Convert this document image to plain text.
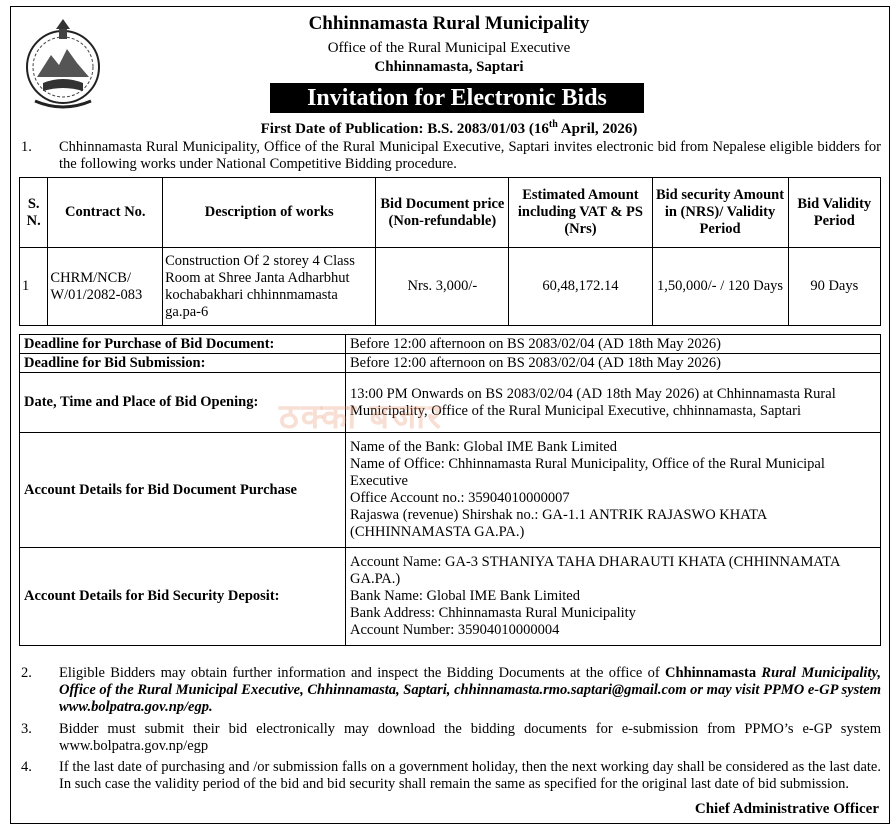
Chhinnamasta Rural Municipality
Office of the Rural Municipal Executive
Chhinnamasta, Saptari
Invitation for Electronic Bids
First Date of Publication: B.S. 2083/01/03 (16th April, 2026)
1. Chhinnamasta Rural Municipality, Office of the Rural Municipal Executive, Saptari invites electronic bid from Nepalese eligible bidders for the following works under National Competitive Bidding procedure.
S. N.	Contract No.	Description of works	Bid Document price (Non-refundable)	Estimated Amount including VAT & PS (Nrs)	Bid security Amount in (NRS)/ Validity Period	Bid Validity Period
1	CHRM/NCB/ W/01/2082-083	Construction Of 2 storey 4 Class Room at Shree Janta Adharbhut kochabakhari chhinnmamasta ga.pa-6	Nrs. 3,000/-	60,48,172.14	1,50,000/- / 120 Days	90 Days
Deadline for Purchase of Bid Document:	Before 12:00 afternoon on BS 2083/02/04 (AD 18th May 2026)
Deadline for Bid Submission:	Before 12:00 afternoon on BS 2083/02/04 (AD 18th May 2026)
Date, Time and Place of Bid Opening:	13:00 PM Onwards on BS 2083/02/04 (AD 18th May 2026) at Chhinnamasta Rural Municipality, Office of the Rural Municipal Executive, chhinnamasta, Saptari
Account Details for Bid Document Purchase	Name of the Bank: Global IME Bank Limited
Name of Office: Chhinnamasta Rural Municipality, Office of the Rural Municipal Executive
Office Account no.: 35904010000007
Rajaswa (revenue) Shirshak no.: GA-1.1 ANTRIK RAJASWO KHATA (CHHINNAMASTA GA.PA.)

Account Details for Bid Security Deposit:	Account Name: GA-3 STHANIYA TAHA DHARAUTI KHATA (CHHINNAMATA GA.PA.)
Bank Name: Global IME Bank Limited
Bank Address: Chhinnamasta Rural Municipality
Account Number: 35904010000004
ठक्का बजार
2. Eligible Bidders may obtain further information and inspect the Bidding Documents at the office of Chhinnamasta Rural Municipality, Office of the Rural Municipal Executive, Chhinnamasta, Saptari, chhinnamasta.rmo.saptari@gmail.com or may visit PPMO e-GP system www.bolpatra.gov.np/egp.
3. Bidder must submit their bid electronically may download the bidding documents for e-submission from PPMO’s e-GP system www.bolpatra.gov.np/egp
4. If the last date of purchasing and /or submission falls on a government holiday, then the next working day shall be considered as the last date. In such case the validity period of the bid and bid security shall remain the same as specified for the original last date of bid submission.
Chief Administrative Officer
